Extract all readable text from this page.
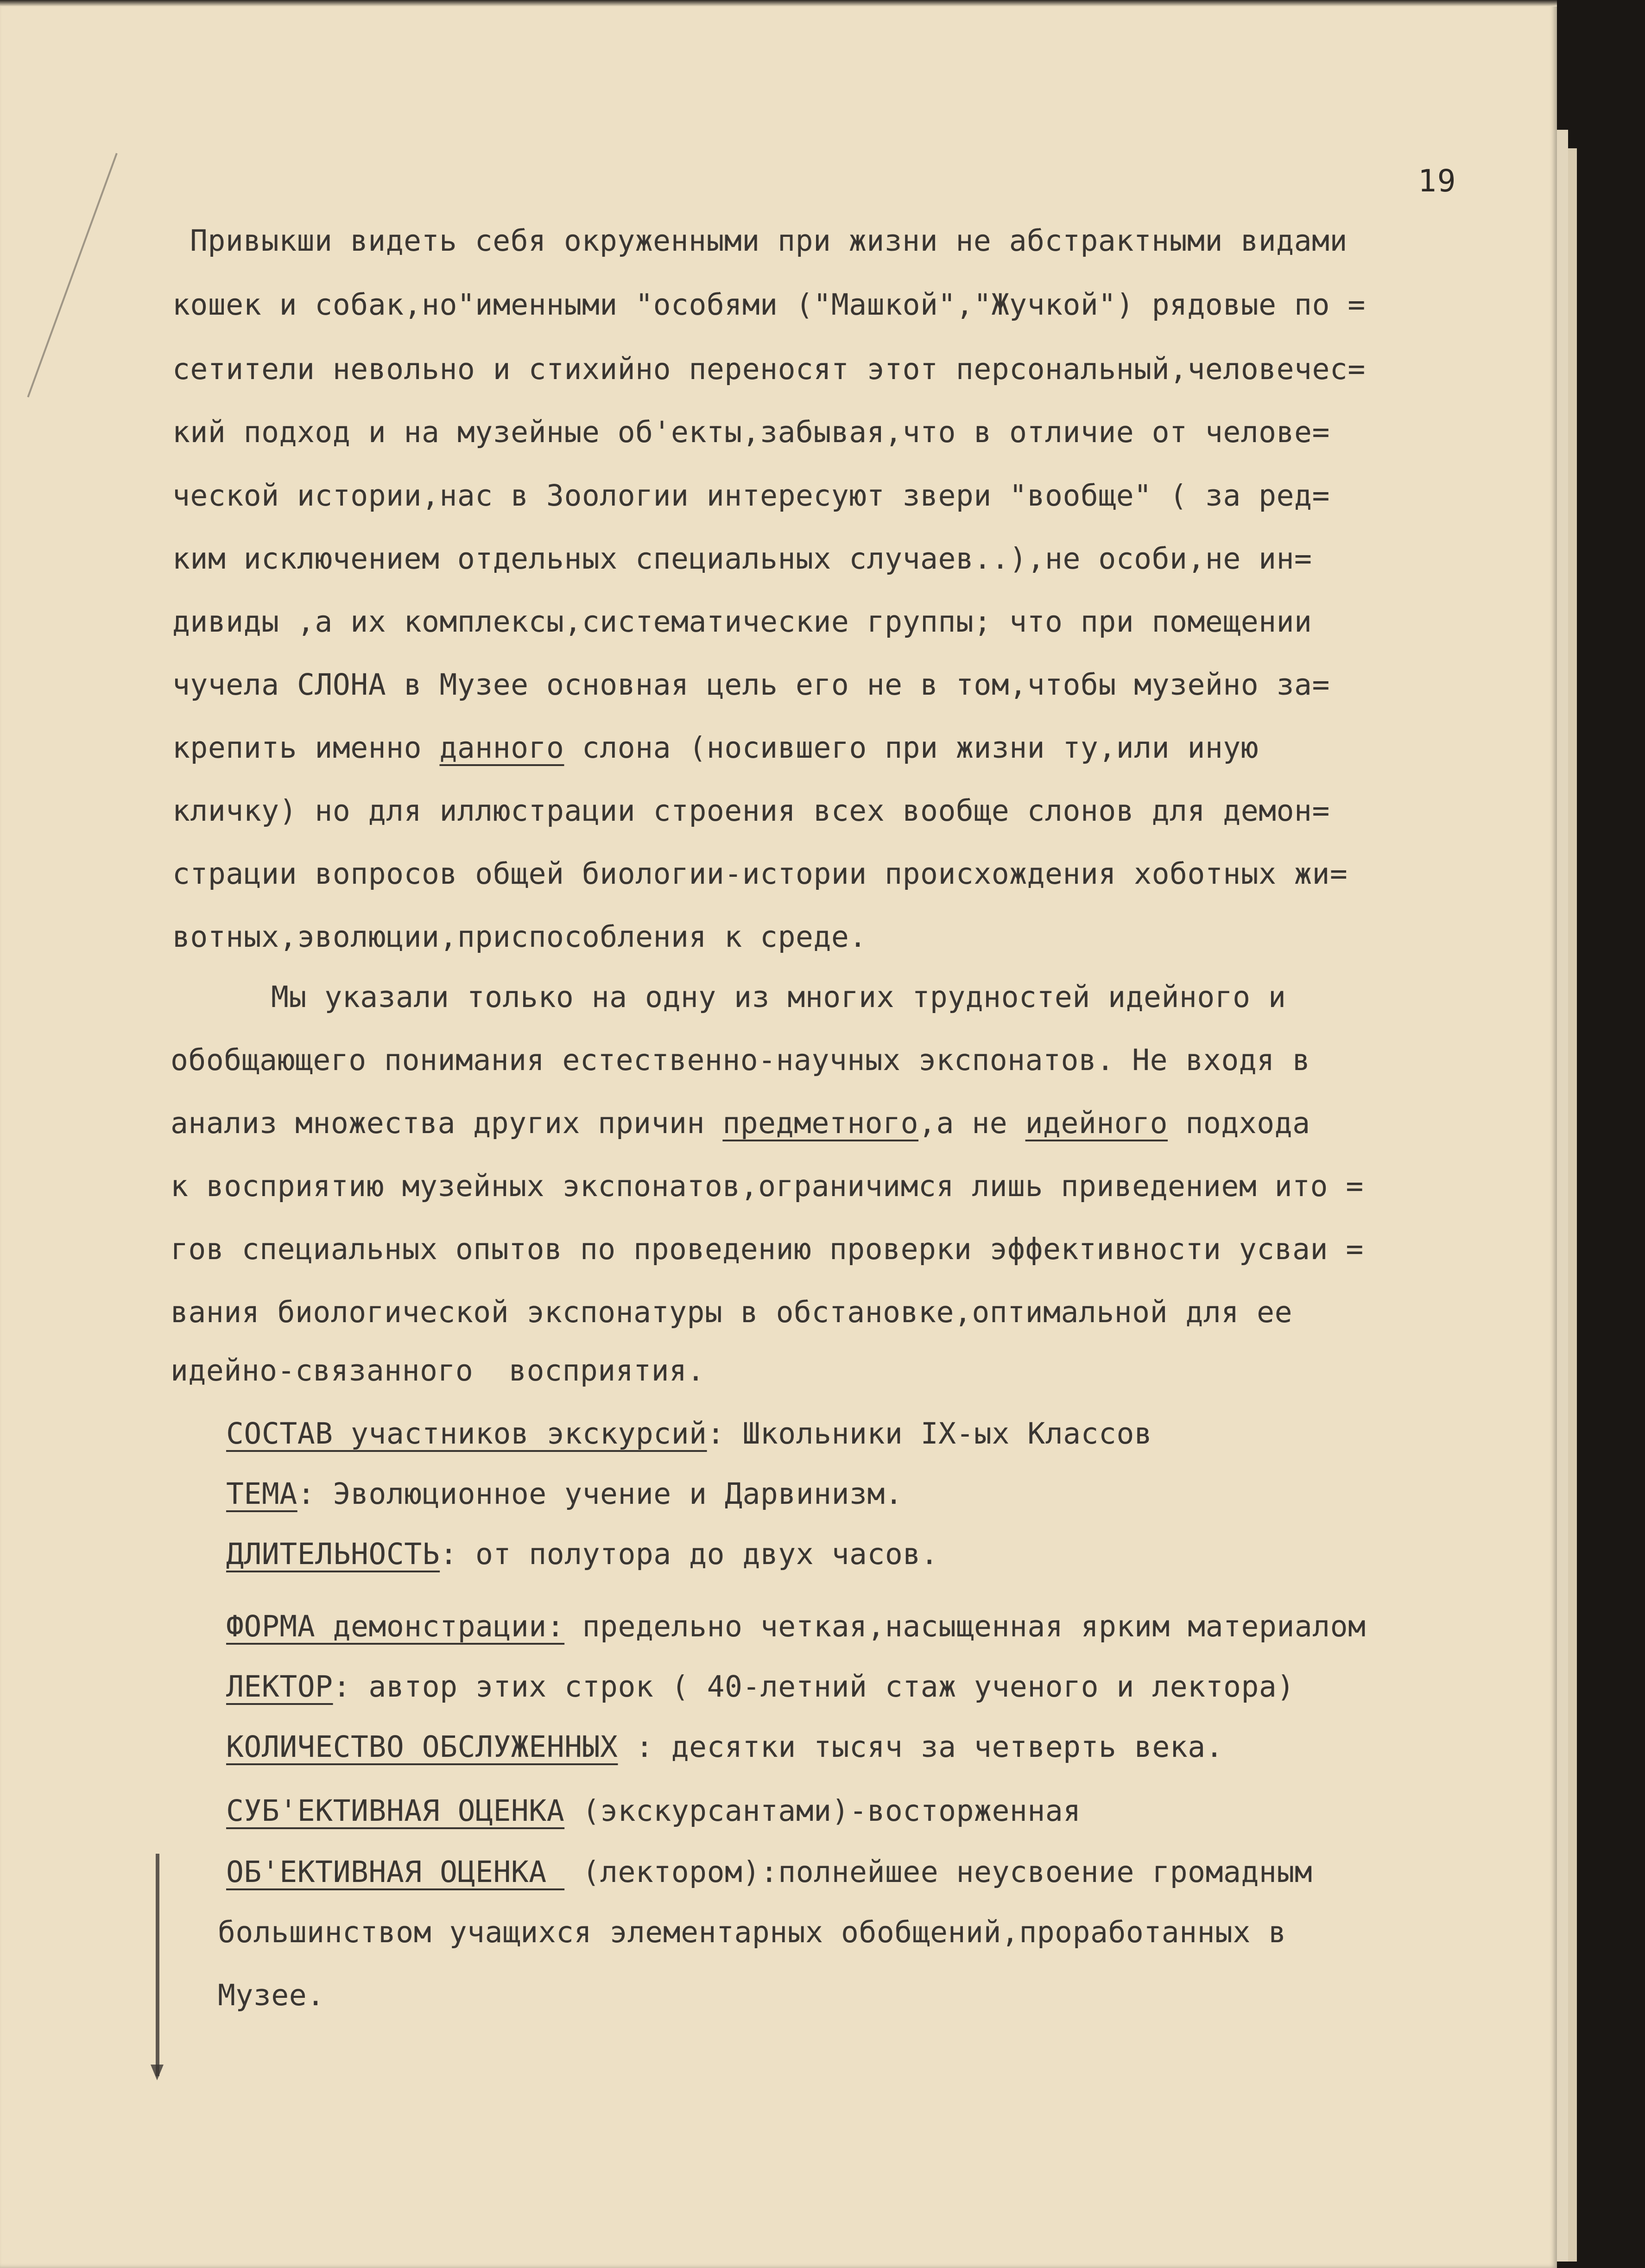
19
Привыкши видеть себя окруженными при жизни не абстрактными видами
кошек и собак,но"именными "особями ("Машкой","Жучкой") рядовые по =
сетители невольно и стихийно переносят этот персональный,человечес=
кий подход и на музейные об'екты,забывая,что в отличие от челове=
ческой истории,нас в Зоологии интересуют звери "вообще" ( за ред=
ким исключением отдельных специальных случаев..),не особи,не ин=
дивиды ,а их комплексы,систематические группы; что при помещении
чучела СЛОНА в Музее основная цель его не в том,чтобы музейно за=
крепить именно данного слона (носившего при жизни ту,или иную
кличку) но для иллюстрации строения всех вообще слонов для демон=
страции вопросов общей биологии-истории происхождения хоботных жи=
вотных,эволюции,приспособления к среде.
Мы указали только на одну из многих трудностей идейного и
обобщающего понимания естественно-научных экспонатов. Не входя в
анализ множества других причин предметного,а не идейного подхода
к восприятию музейных экспонатов,ограничимся лишь приведением ито =
гов специальных опытов по проведению проверки эффективности усваи =
вания биологической экспонатуры в обстановке,оптимальной для ее
идейно-связанного  восприятия.
СОСТАВ участников экскурсий: Школьники IX-ых Классов
ТЕМА: Эволюционное учение и Дарвинизм.
ДЛИТЕЛЬНОСТЬ: от полутора до двух часов.
ФОРМА демонстрации: предельно четкая,насыщенная ярким материалом
ЛЕКТОР: автор этих строк ( 40-летний стаж ученого и лектора)
КОЛИЧЕСТВО ОБСЛУЖЕННЫХ : десятки тысяч за четверть века.
СУБ'ЕКТИВНАЯ ОЦЕНКА (экскурсантами)-восторженная
ОБ'ЕКТИВНАЯ ОЦЕНКА  (лектором):полнейшее неусвоение громадным
большинством учащихся элементарных обобщений,проработанных в
Музее.
